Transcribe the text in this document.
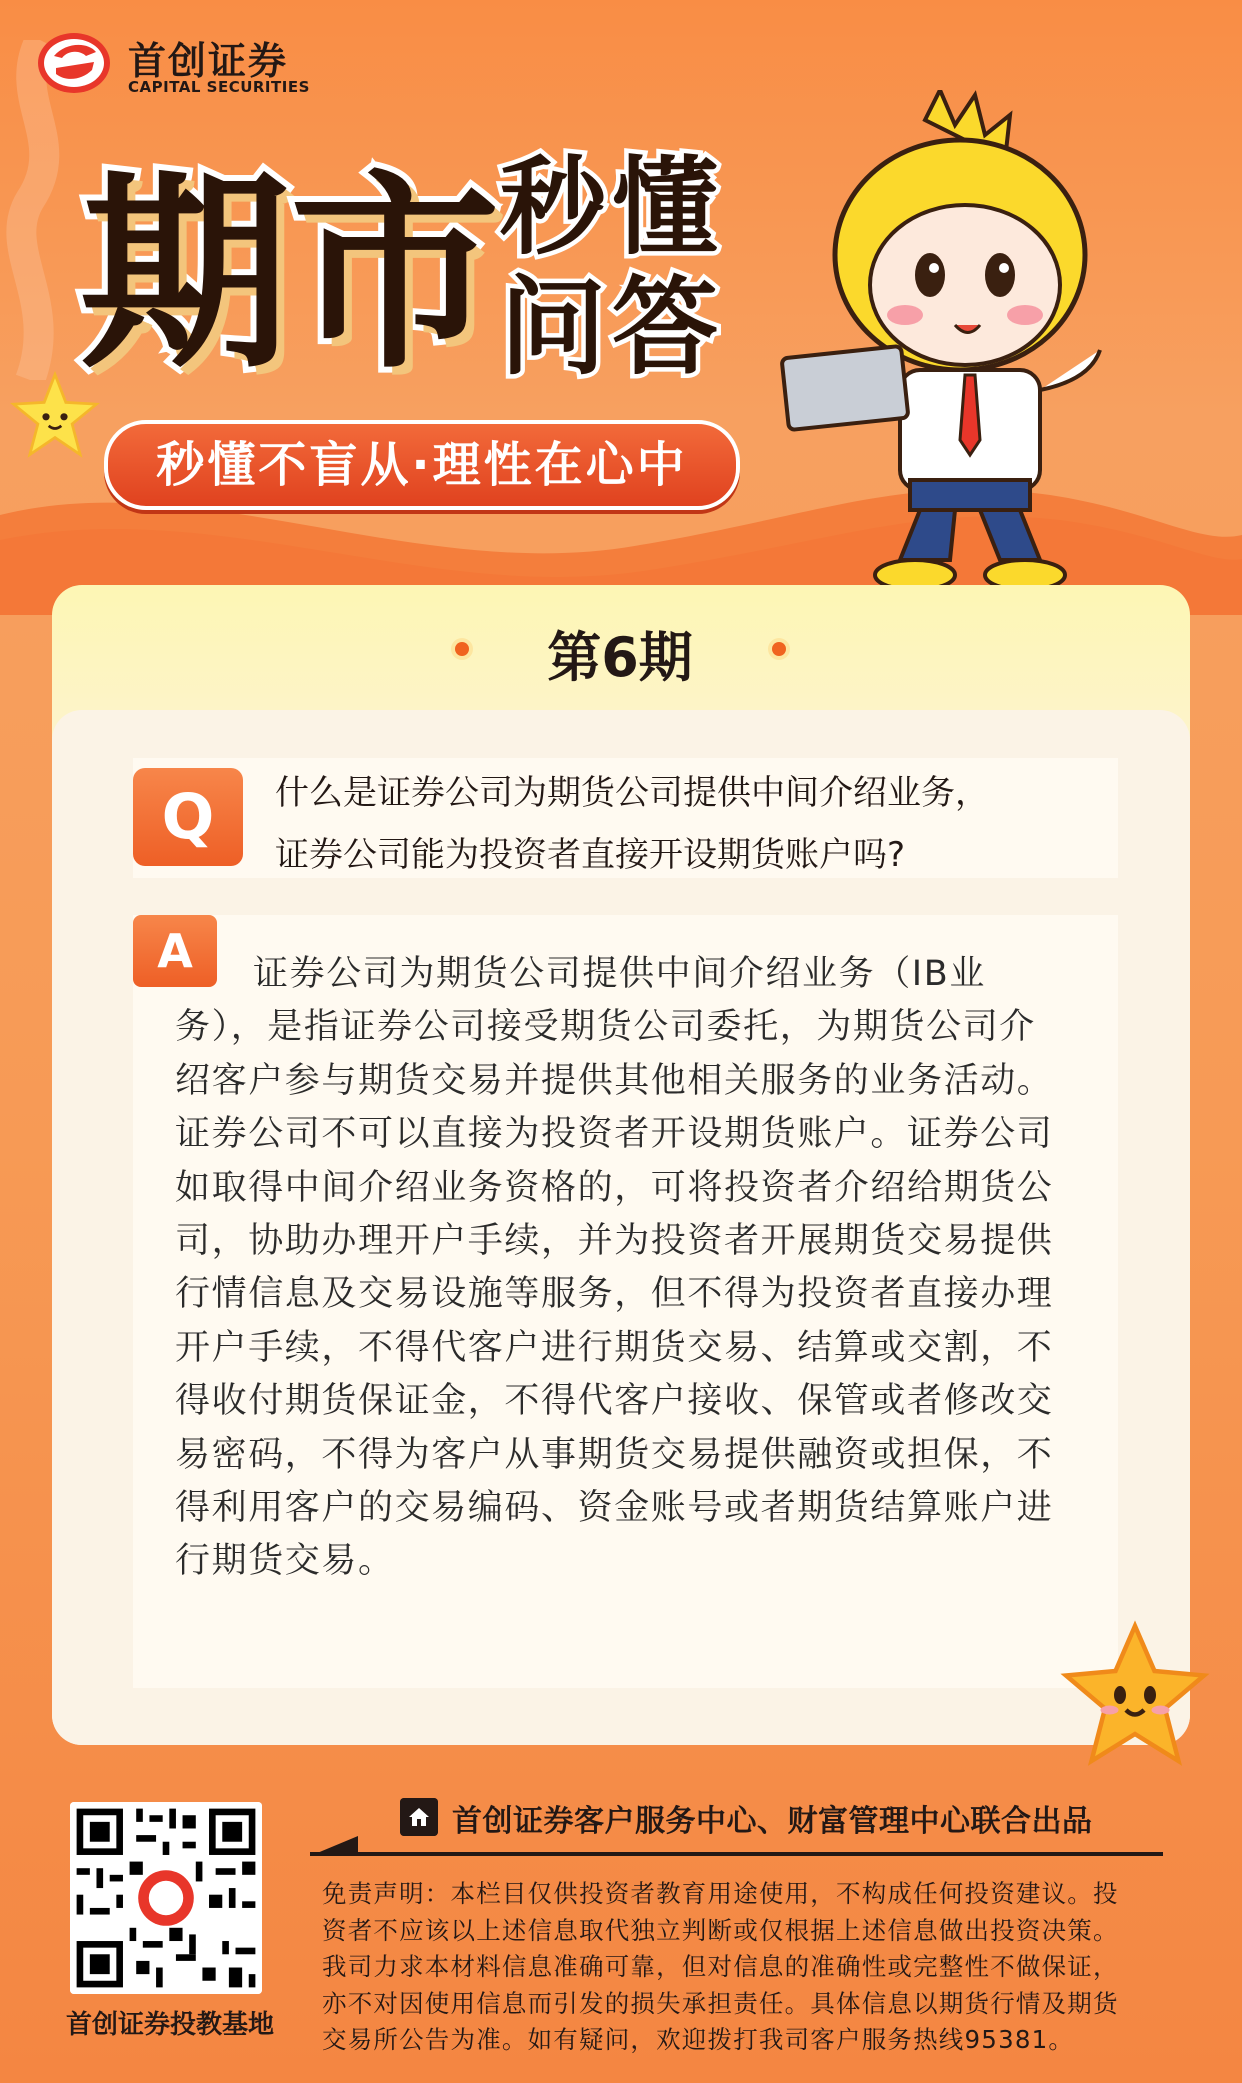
首创证券
CAPITAL SECURITIES
期 市 秒懂
问答
秒懂不盲从·理性在心中
第6期
Q	什么是证券公司为期货公司提供中间介绍业务，
证券公司能为投资者直接开设期货账户吗?
A	证券公司为期货公司提供中间介绍业务（IB业务），是指证券公司接受期货公司委托，为期货公司介绍客户参与期货交易并提供其他相关服务的业务活动。

证券公司不可以直接为投资者开设期货账户。证券公司如取得中间介绍业务资格的，可将投资者介绍给期货公司，协助办理开户手续，并为投资者开展期货交易提供行情信息及交易设施等服务，但不得为投资者直接办理开户手续，不得代客户进行期货交易、结算或交割，不得收付期货保证金，不得代客户接收、保管或者修改交易密码，不得为客户从事期货交易提供融资或担保，不得利用客户的交易编码、资金账号或者期货结算账户进行期货交易。

首创证券投教基地
首创证券客户服务中心、财富管理中心联合出品

免责声明：本栏目仅供投资者教育用途使用，不构成任何投资建议。投

资者不应该以上述信息取代独立判断或仅根据上述信息做出投资决策。

我司力求本材料信息准确可靠，但对信息的准确性或完整性不做保证，

亦不对因使用信息而引发的损失承担责任。具体信息以期货行情及期货

交易所公告为准。如有疑问，欢迎拨打我司客户服务热线95381。
